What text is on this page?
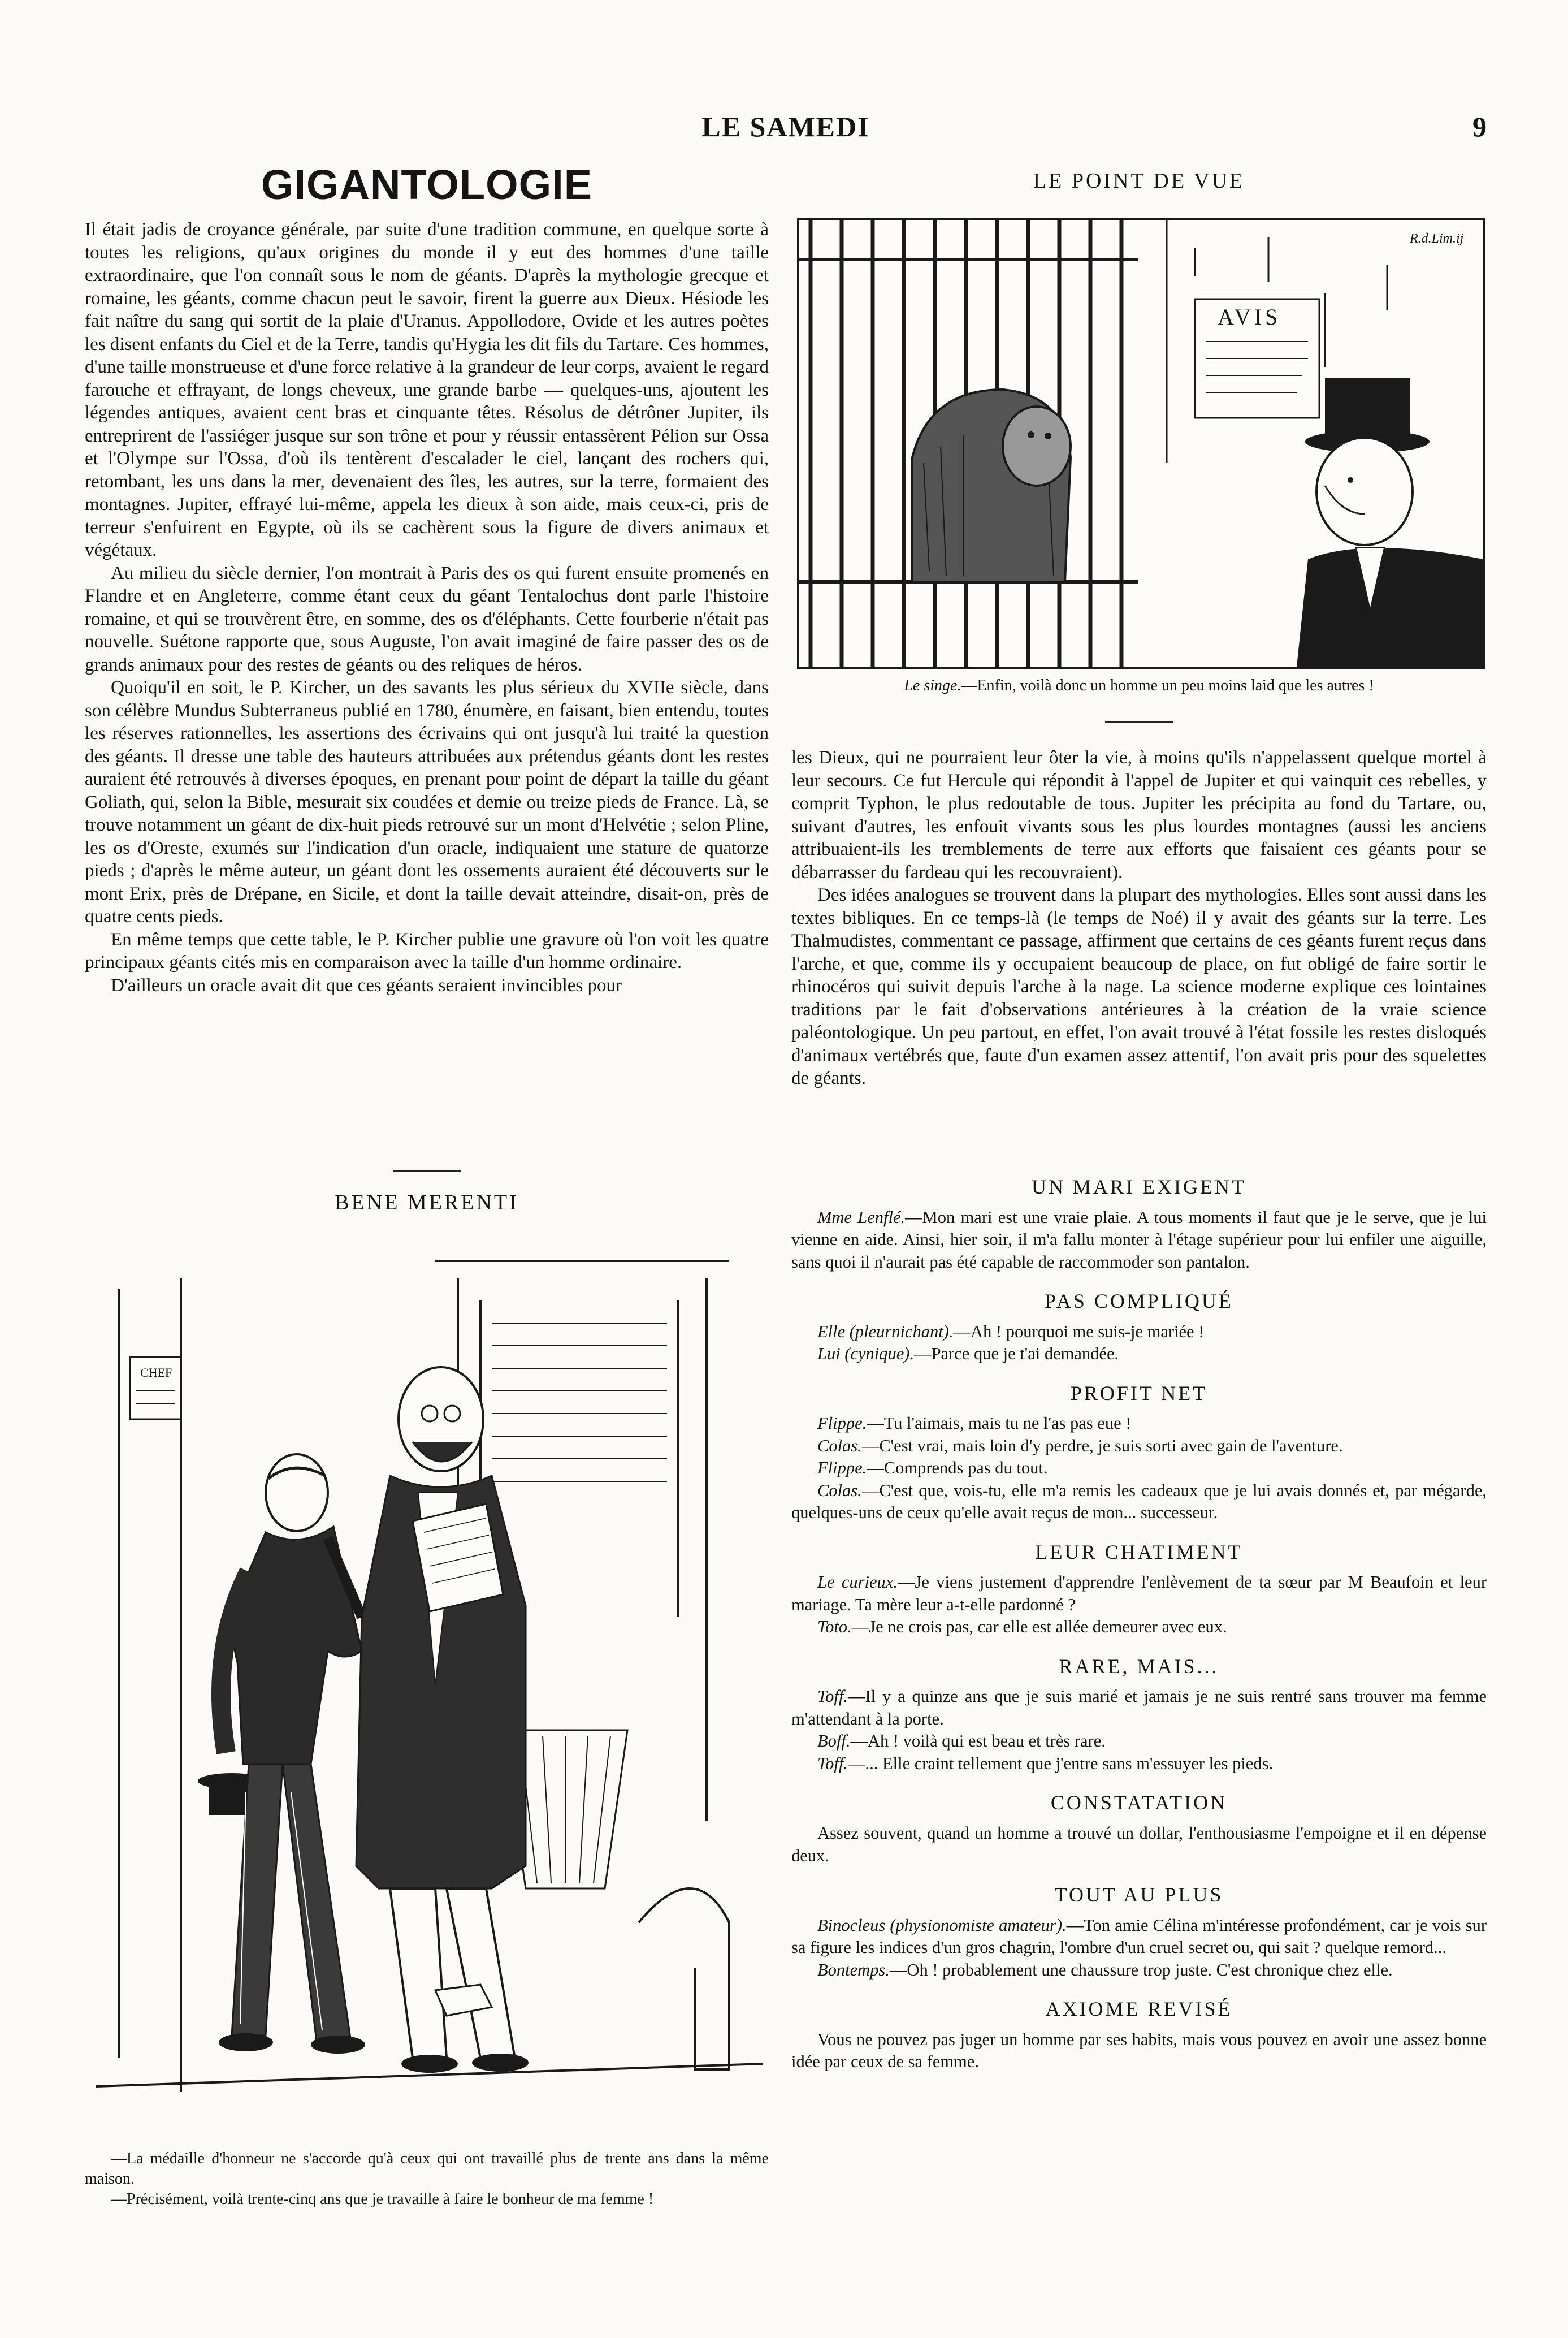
LE SAMEDI	9
GIGANTOLOGIE

Il était jadis de croyance générale, par suite d'une tradition commune, en quelque sorte à toutes les religions, qu'aux origines du monde il y eut des hommes d'une taille extraordinaire, que l'on connaît sous le nom de géants. D'après la mythologie grecque et romaine, les géants, comme chacun peut le savoir, firent la guerre aux Dieux. Hésiode les fait naître du sang qui sortit de la plaie d'Uranus. Appollodore, Ovide et les autres poètes les disent enfants du Ciel et de la Terre, tandis qu'Hygia les dit fils du Tartare. Ces hommes, d'une taille monstrueuse et d'une force relative à la grandeur de leur corps, avaient le regard farouche et effrayant, de longs cheveux, une grande barbe — quelques-uns, ajoutent les légendes antiques, avaient cent bras et cinquante têtes. Résolus de détrôner Jupiter, ils entreprirent de l'assiéger jusque sur son trône et pour y réussir entassèrent Pélion sur Ossa et l'Olympe sur l'Ossa, d'où ils tentèrent d'escalader le ciel, lançant des rochers qui, retombant, les uns dans la mer, devenaient des îles, les autres, sur la terre, formaient des montagnes. Jupiter, effrayé lui-même, appela les dieux à son aide, mais ceux-ci, pris de terreur s'enfuirent en Egypte, où ils se cachèrent sous la figure de divers animaux et végétaux.

Au milieu du siècle dernier, l'on montrait à Paris des os qui furent ensuite promenés en Flandre et en Angleterre, comme étant ceux du géant Tentalochus dont parle l'histoire romaine, et qui se trouvèrent être, en somme, des os d'éléphants. Cette fourberie n'était pas nouvelle. Suétone rapporte que, sous Auguste, l'on avait imaginé de faire passer des os de grands animaux pour des restes de géants ou des reliques de héros.

Quoiqu'il en soit, le P. Kircher, un des savants les plus sérieux du XVIIe siècle, dans son célèbre Mundus Subterraneus publié en 1780, énumère, en faisant, bien entendu, toutes les réserves rationnelles, les assertions des écrivains qui ont jusqu'à lui traité la question des géants. Il dresse une table des hauteurs attribuées aux prétendus géants dont les restes auraient été retrouvés à diverses époques, en prenant pour point de départ la taille du géant Goliath, qui, selon la Bible, mesurait six coudées et demie ou treize pieds de France. Là, se trouve notamment un géant de dix-huit pieds retrouvé sur un mont d'Helvétie ; selon Pline, les os d'Oreste, exumés sur l'indication d'un oracle, indiquaient une stature de quatorze pieds ; d'après le même auteur, un géant dont les ossements auraient été découverts sur le mont Erix, près de Drépane, en Sicile, et dont la taille devait atteindre, disait-on, près de quatre cents pieds.

En même temps que cette table, le P. Kircher publie une gravure où l'on voit les quatre principaux géants cités mis en comparaison avec la taille d'un homme ordinaire.

D'ailleurs un oracle avait dit que ces géants seraient invincibles pour

BENE MERENTI
CHEF

—La médaille d'honneur ne s'accorde qu'à ceux qui ont travaillé plus de trente ans dans la même maison.

—Précisément, voilà trente-cinq ans que je travaille à faire le bonheur de ma femme !

LE POINT DE VUE
R.d.Lim.ij
AVIS
Le singe.—Enfin, voilà donc un homme un peu moins laid que les autres !

les Dieux, qui ne pourraient leur ôter la vie, à moins qu'ils n'appelassent quelque mortel à leur secours. Ce fut Hercule qui répondit à l'appel de Jupiter et qui vainquit ces rebelles, y comprit Typhon, le plus redoutable de tous. Jupiter les précipita au fond du Tartare, ou, suivant d'autres, les enfouit vivants sous les plus lourdes montagnes (aussi les anciens attribuaient-ils les tremblements de terre aux efforts que faisaient ces géants pour se débarrasser du fardeau qui les recouvraient).

Des idées analogues se trouvent dans la plupart des mythologies. Elles sont aussi dans les textes bibliques. En ce temps-là (le temps de Noé) il y avait des géants sur la terre. Les Thalmudistes, commentant ce passage, affirment que certains de ces géants furent reçus dans l'arche, et que, comme ils y occupaient beaucoup de place, on fut obligé de faire sortir le rhinocéros qui suivit depuis l'arche à la nage. La science moderne explique ces lointaines traditions par le fait d'observations antérieures à la création de la vraie science paléontologique. Un peu partout, en effet, l'on avait trouvé à l'état fossile les restes disloqués d'animaux vertébrés que, faute d'un examen assez attentif, l'on avait pris pour des squelettes de géants.

UN MARI EXIGENT

Mme Lenflé.—Mon mari est une vraie plaie. A tous moments il faut que je le serve, que je lui vienne en aide. Ainsi, hier soir, il m'a fallu monter à l'étage supérieur pour lui enfiler une aiguille, sans quoi il n'aurait pas été capable de raccommoder son pantalon.

PAS COMPLIQUÉ

Elle (pleurnichant).—Ah ! pourquoi me suis-je mariée !

Lui (cynique).—Parce que je t'ai demandée.

PROFIT NET

Flippe.—Tu l'aimais, mais tu ne l'as pas eue !

Colas.—C'est vrai, mais loin d'y perdre, je suis sorti avec gain de l'aventure.

Flippe.—Comprends pas du tout.

Colas.—C'est que, vois-tu, elle m'a remis les cadeaux que je lui avais donnés et, par mégarde, quelques-uns de ceux qu'elle avait reçus de mon... successeur.

LEUR CHATIMENT

Le curieux.—Je viens justement d'apprendre l'enlèvement de ta sœur par M Beaufoin et leur mariage. Ta mère leur a-t-elle pardonné ?

Toto.—Je ne crois pas, car elle est allée demeurer avec eux.

RARE, MAIS...

Toff.—Il y a quinze ans que je suis marié et jamais je ne suis rentré sans trouver ma femme m'attendant à la porte.

Boff.—Ah ! voilà qui est beau et très rare.

Toff.—... Elle craint tellement que j'entre sans m'essuyer les pieds.

CONSTATATION

Assez souvent, quand un homme a trouvé un dollar, l'enthousiasme l'empoigne et il en dépense deux.

TOUT AU PLUS

Binocleus (physionomiste amateur).—Ton amie Célina m'intéresse profondément, car je vois sur sa figure les indices d'un gros chagrin, l'ombre d'un cruel secret ou, qui sait ? quelque remord...

Bontemps.—Oh ! probablement une chaussure trop juste. C'est chronique chez elle.

AXIOME REVISÉ

Vous ne pouvez pas juger un homme par ses habits, mais vous pouvez en avoir une assez bonne idée par ceux de sa femme.
